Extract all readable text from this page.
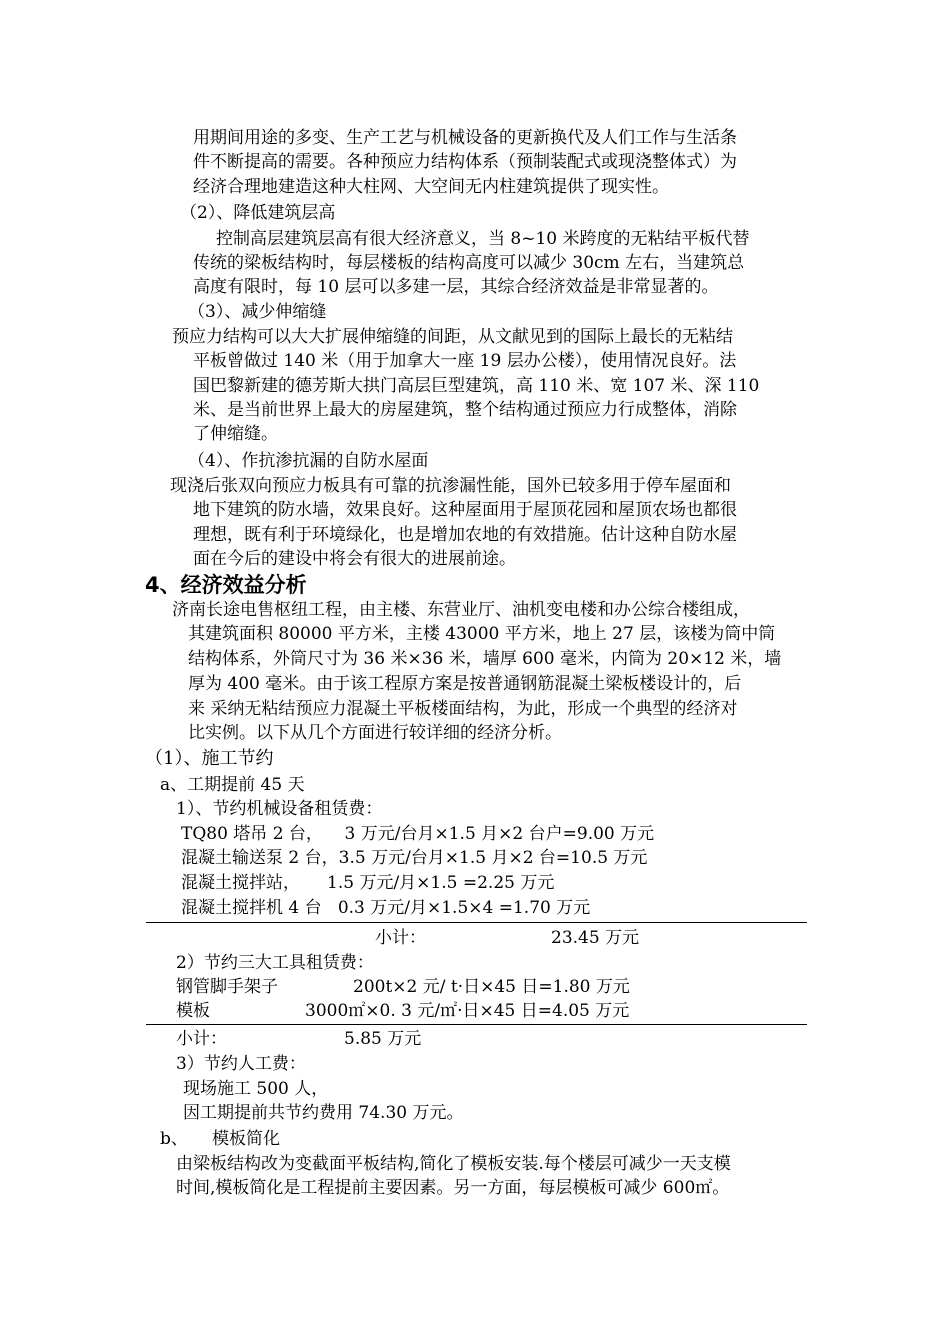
用期间用途的多变、生产工艺与机械设备的更新换代及人们工作与生活条
件不断提高的需要。各种预应力结构体系（预制装配式或现浇整体式）为
经济合理地建造这种大柱网、大空间无内柱建筑提供了现实性。
（2）、降低建筑层高
控制高层建筑层高有很大经济意义，当 8~10 米跨度的无粘结平板代替
传统的梁板结构时，每层楼板的结构高度可以减少 30cm 左右，当建筑总
高度有限时，每 10 层可以多建一层，其综合经济效益是非常显著的。
（3）、减少伸缩缝
预应力结构可以大大扩展伸缩缝的间距，从文献见到的国际上最长的无粘结
平板曾做过 140 米（用于加拿大一座 19 层办公楼），使用情况良好。法
国巴黎新建的德芳斯大拱门高层巨型建筑，高 110 米、宽 107 米、深 110
米、是当前世界上最大的房屋建筑，整个结构通过预应力行成整体，消除
了伸缩缝。
（4）、作抗渗抗漏的自防水屋面
现浇后张双向预应力板具有可靠的抗渗漏性能，国外已较多用于停车屋面和
地下建筑的防水墙，效果良好。这种屋面用于屋顶花园和屋顶农场也都很
理想，既有利于环境绿化，也是增加农地的有效措施。估计这种自防水屋
面在今后的建设中将会有很大的进展前途。
4、经济效益分析
济南长途电售枢纽工程，由主楼、东营业厅、油机变电楼和办公综合楼组成，
其建筑面积 80000 平方米，主楼 43000 平方米，地上 27 层，该楼为筒中筒
结构体系，外筒尺寸为 36 米×36 米，墙厚 600 毫米，内筒为 20×12 米，墙
厚为 400 毫米。由于该工程原方案是按普通钢筋混凝土梁板楼设计的，后
来 采纳无粘结预应力混凝土平板楼面结构，为此，形成一个典型的经济对
比实例。以下从几个方面进行较详细的经济分析。
（1）、施工节约
a、工期提前 45 天
1）、节约机械设备租赁费：
TQ80 塔吊 2 台，    3 万元/台月×1.5 月×2 台户=9.00 万元
混凝土输送泵 2 台，3.5 万元/台月×1.5 月×2 台=10.5 万元
混凝土搅拌站，     1.5 万元/月×1.5 =2.25 万元
混凝土搅拌机 4 台   0.3 万元/月×1.5×4 =1.70 万元
小计：	23.45 万元
2）节约三大工具租赁费：
钢管脚手架子	200t×2 元/ t·日×45 日=1.80 万元
模板	3000㎡×0. 3 元/㎡·日×45 日=4.05 万元
小计：	5.85 万元
3）节约人工费：
现场施工 500 人，
因工期提前共节约费用 74.30 万元。
b、 模板简化
由梁板结构改为变截面平板结构,简化了模板安装.每个楼层可减少一天支模
时间,模板简化是工程提前主要因素。另一方面，每层模板可减少 600㎡。
